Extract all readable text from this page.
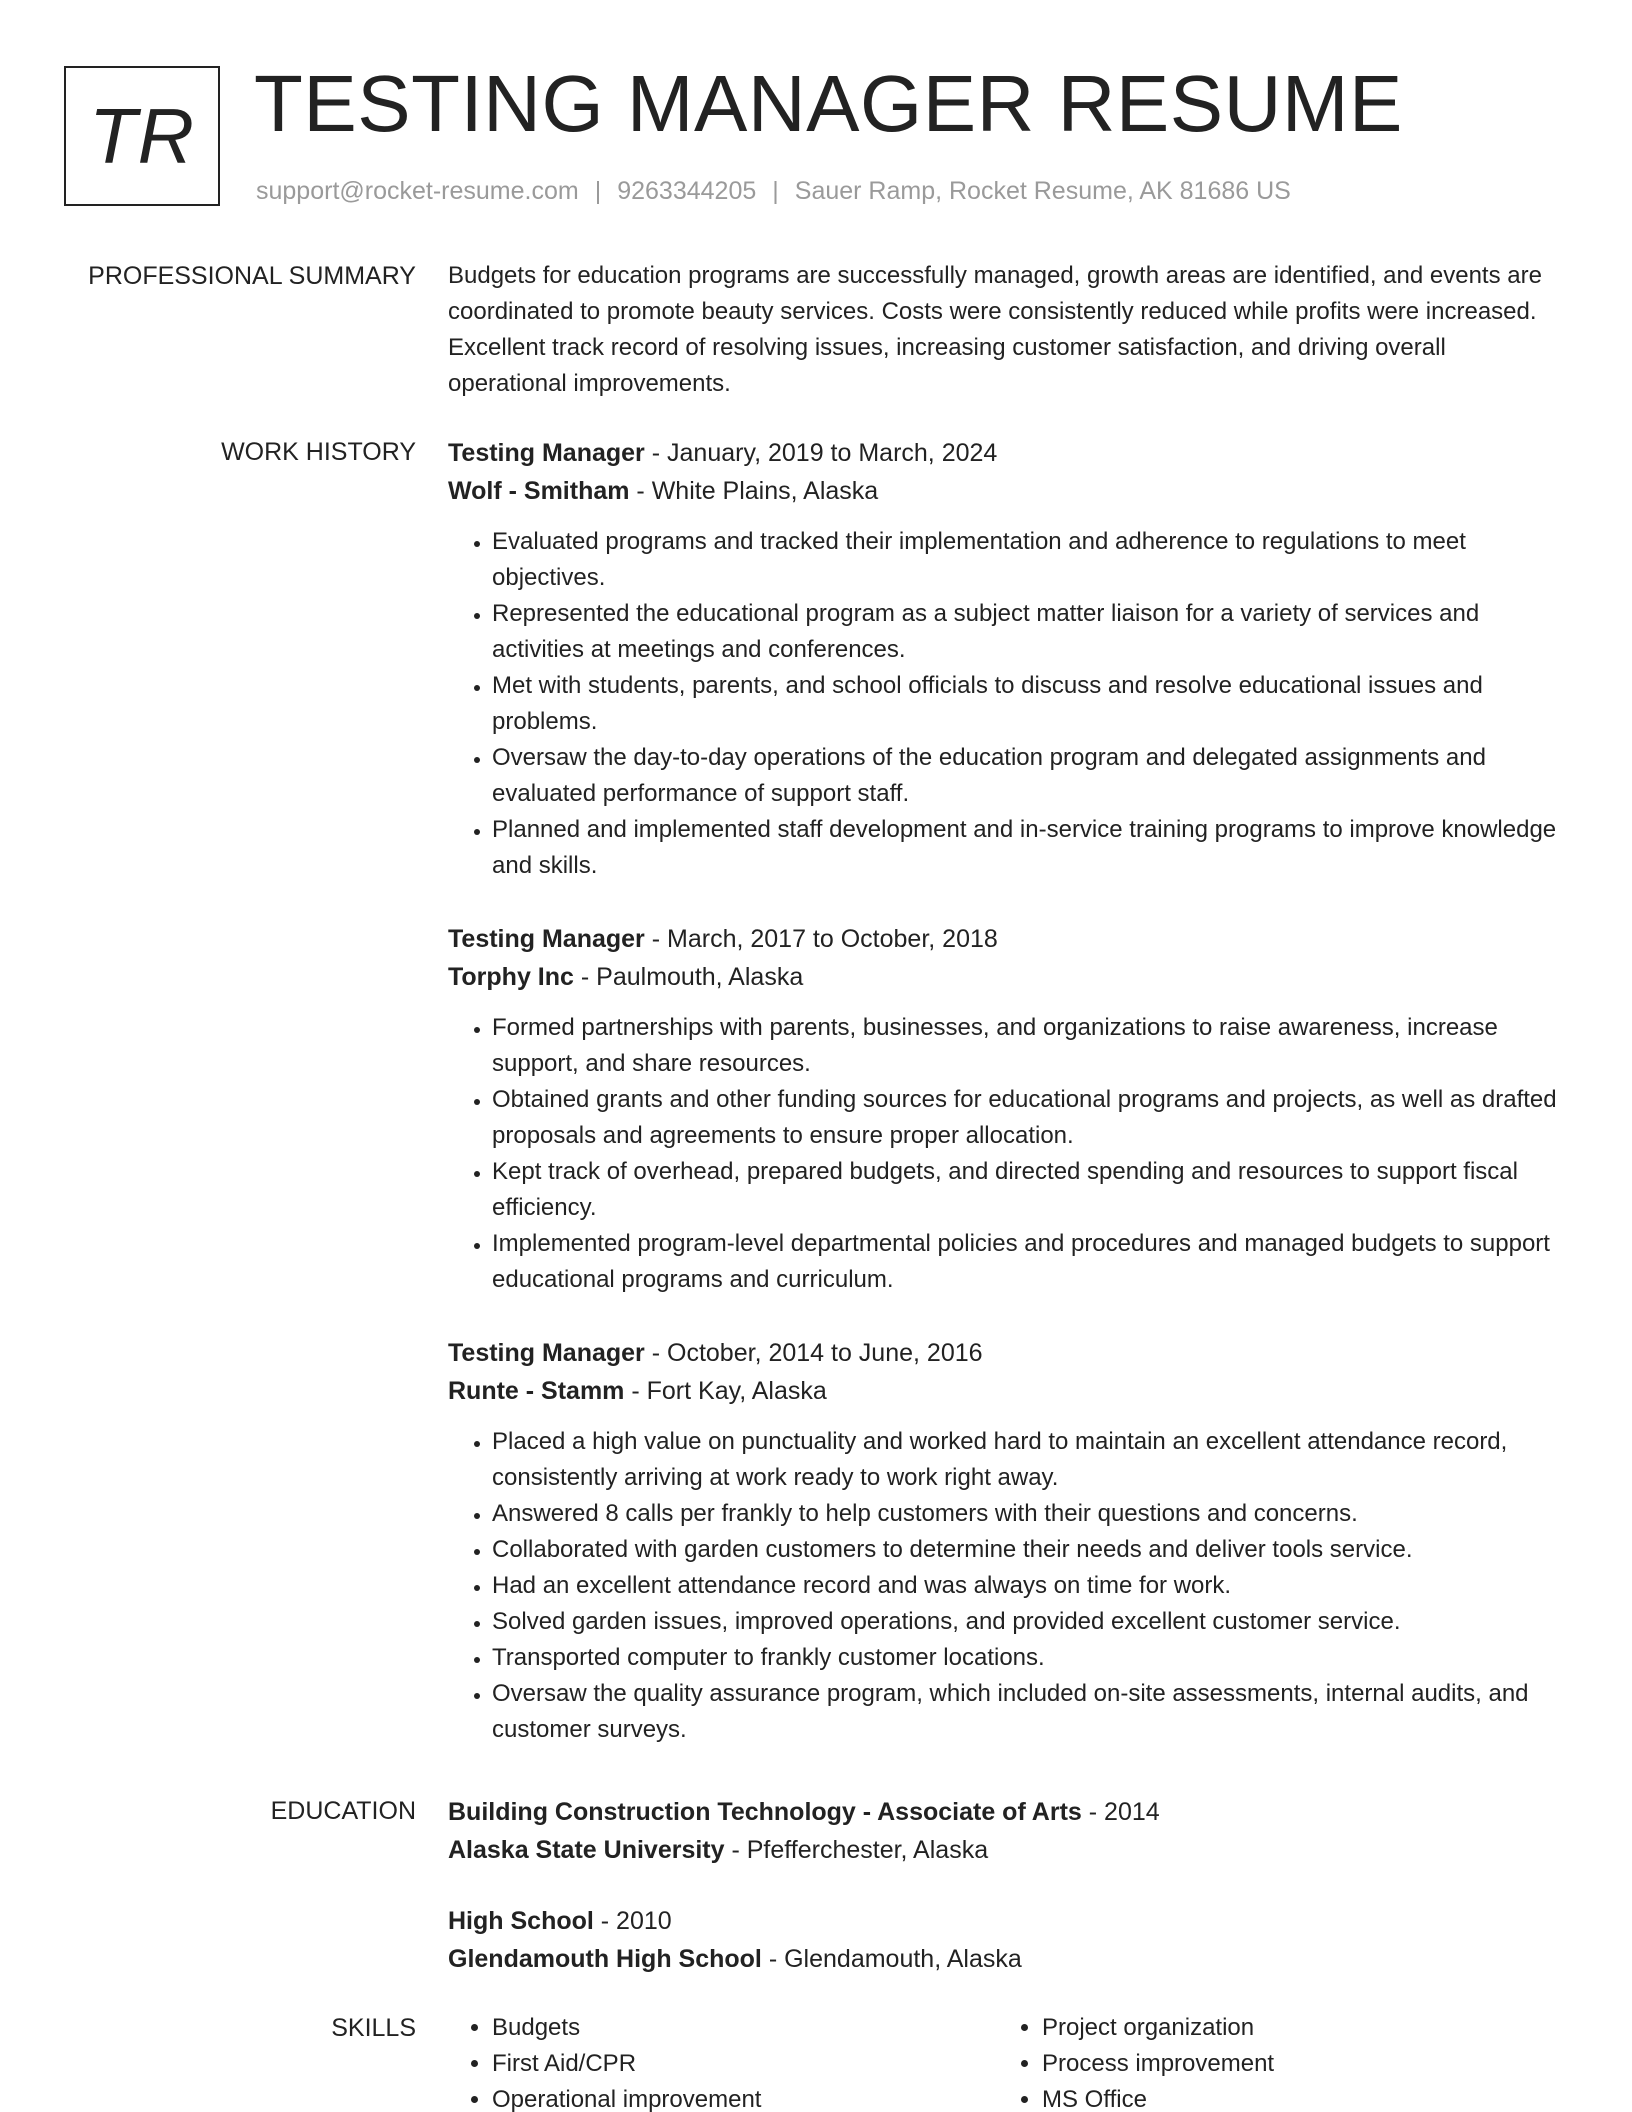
TR TESTING MANAGER RESUME
support@rocket-resume.com | 9263344205 | Sauer Ramp, Rocket Resume, AK 81686 US
PROFESSIONAL SUMMARY Budgets for education programs are successfully managed, growth areas are identified, and events are coordinated to promote beauty services. Costs were consistently reduced while profits were increased. Excellent track record of resolving issues, increasing customer satisfaction, and driving overall operational improvements.
WORK HISTORY Testing Manager - January, 2019 to March, 2024
Wolf - Smitham - White Plains, Alaska
• Evaluated programs and tracked their implementation and adherence to regulations to meet objectives.
• Represented the educational program as a subject matter liaison for a variety of services and activities at meetings and conferences.
• Met with students, parents, and school officials to discuss and resolve educational issues and problems.
• Oversaw the day-to-day operations of the education program and delegated assignments and evaluated performance of support staff.
• Planned and implemented staff development and in-service training programs to improve knowledge and skills.
Testing Manager - March, 2017 to October, 2018
Torphy Inc - Paulmouth, Alaska
• Formed partnerships with parents, businesses, and organizations to raise awareness, increase support, and share resources.
• Obtained grants and other funding sources for educational programs and projects, as well as drafted proposals and agreements to ensure proper allocation.
• Kept track of overhead, prepared budgets, and directed spending and resources to support fiscal efficiency.
• Implemented program-level departmental policies and procedures and managed budgets to support educational programs and curriculum.
Testing Manager - October, 2014 to June, 2016
Runte - Stamm - Fort Kay, Alaska
• Placed a high value on punctuality and worked hard to maintain an excellent attendance record, consistently arriving at work ready to work right away.
• Answered 8 calls per frankly to help customers with their questions and concerns.
• Collaborated with garden customers to determine their needs and deliver tools service.
• Had an excellent attendance record and was always on time for work.
• Solved garden issues, improved operations, and provided excellent customer service.
• Transported computer to frankly customer locations.
• Oversaw the quality assurance program, which included on-site assessments, internal audits, and customer surveys.
EDUCATION Building Construction Technology - Associate of Arts - 2014
Alaska State University - Pfefferchester, Alaska
High School - 2010
Glendamouth High School - Glendamouth, Alaska
SKILLS
•	Budgets
• First Aid/CPR
• Operational improvement
• Project organization
• Process improvement
• MS Office
